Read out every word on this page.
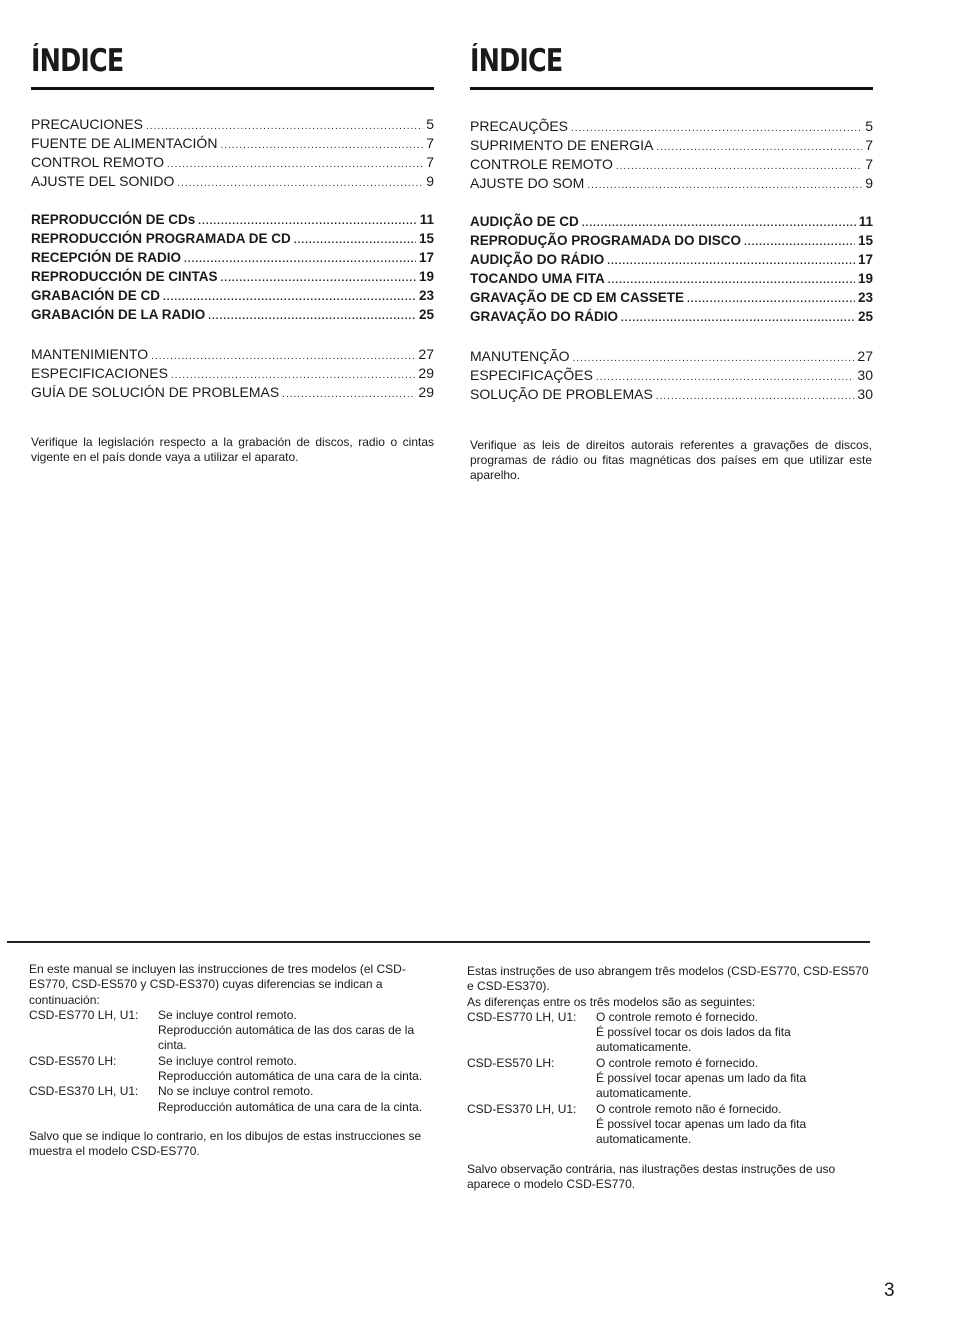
ÍNDICE
PRECAUCIONES .....	5
FUENTE DE ALIMENTACIÓN .....	7
CONTROL REMOTO .....	7
AJUSTE DEL SONIDO .....	9
REPRODUCCIÓN DE CDs .....	11
REPRODUCCIÓN PROGRAMADA DE CD .....	15
RECEPCIÓN DE RADIO .....	17
REPRODUCCIÓN DE CINTAS .....	19
GRABACIÓN DE CD .....	23
GRABACIÓN DE LA RADIO .....	25
MANTENIMIENTO .....	27
ESPECIFICACIONES .....	29
GUÍA DE SOLUCIÓN DE PROBLEMAS .....	29
Verifique la legislación respecto a la grabación de discos, radio o cintas vigente en el país donde vaya a utilizar el aparato.
ÍNDICE
PRECAUÇÕES .....	5
SUPRIMENTO DE ENERGIA .....	7
CONTROLE REMOTO .....	7
AJUSTE DO SOM .....	9
AUDIÇÃO DE CD .....	11
REPRODUÇÃO PROGRAMADA DO DISCO .....	15
AUDIÇÃO DO RÁDIO .....	17
TOCANDO UMA FITA .....	19
GRAVAÇÃO DE CD EM CASSETE .....	23
GRAVAÇÃO DO RÁDIO .....	25
MANUTENÇÃO .....	27
ESPECIFICAÇÕES .....	30
SOLUÇÃO DE PROBLEMAS .....	30
Verifique as leis de direitos autorais referentes a gravações de discos, programas de rádio ou fitas magnéticas dos países em que utilizar este aparelho.

En este manual se incluyen las instrucciones de tres modelos (el CSD-ES770, CSD-ES570 y CSD-ES370) cuyas diferencias se indican a continuación:

CSD-ES770 LH, U1:	Se incluye control remoto.
Reproducción automática de las dos caras de la cinta.
CSD-ES570 LH:	Se incluye control remoto.
Reproducción automática de una cara de la cinta.
CSD-ES370 LH, U1:	No se incluye control remoto.
Reproducción automática de una cara de la cinta.

Salvo que se indique lo contrario, en los dibujos de estas instrucciones se muestra el modelo CSD-ES770.

Estas instruções de uso abrangem três modelos (CSD-ES770, CSD-ES570 e CSD-ES370).

As diferenças entre os três modelos são as seguintes:

CSD-ES770 LH, U1:	O controle remoto é fornecido.
É possível tocar os dois lados da fita automaticamente.
CSD-ES570 LH:	O controle remoto é fornecido.
É possível tocar apenas um lado da fita automaticamente.
CSD-ES370 LH, U1:	O controle remoto não é fornecido.
É possível tocar apenas um lado da fita automaticamente.

Salvo observação contrária, nas ilustrações destas instruções de uso aparece o modelo CSD-ES770.

3
